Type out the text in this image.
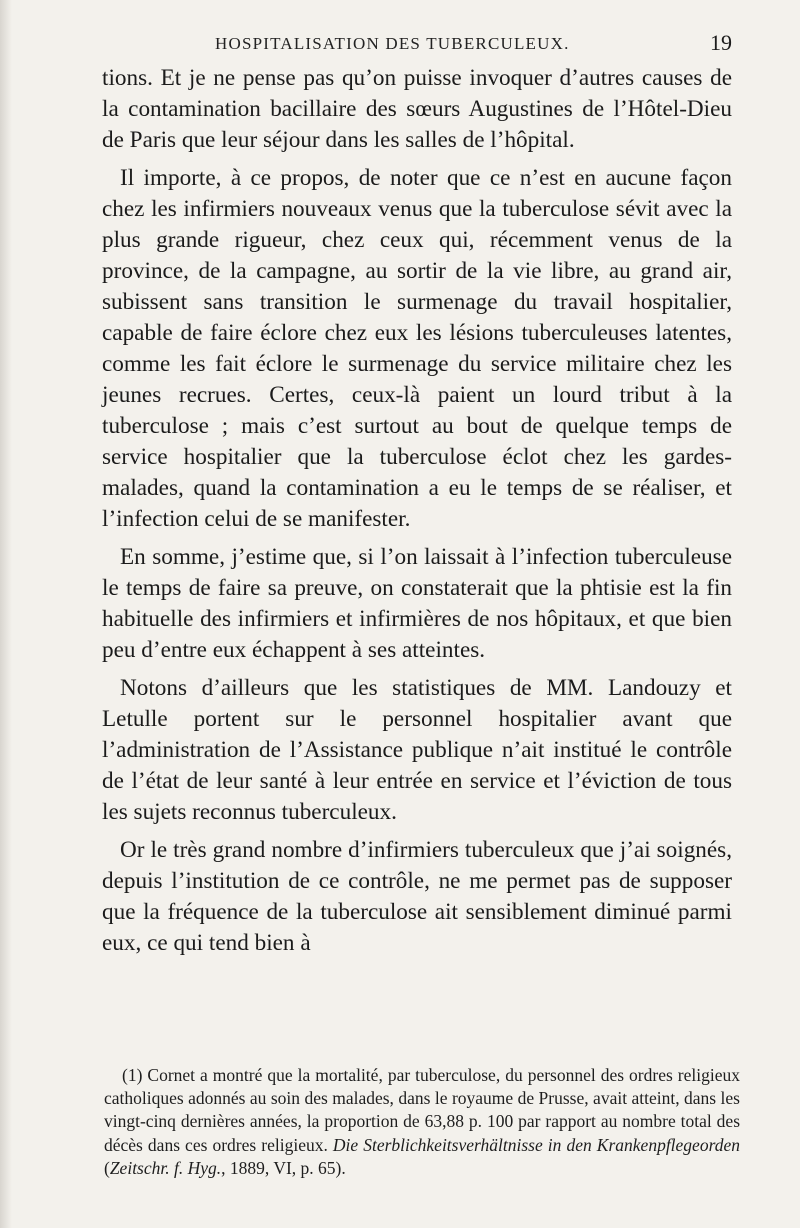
HOSPITALISATION DES TUBERCULEUX.	19

tions. Et je ne pense pas qu’on puisse invoquer d’autres causes de la contamination bacillaire des sœurs Augustines de l’Hôtel-Dieu de Paris que leur séjour dans les salles de l’hôpital.

Il importe, à ce propos, de noter que ce n’est en aucune façon chez les infirmiers nouveaux venus que la tuberculose sévit avec la plus grande rigueur, chez ceux qui, récemment venus de la province, de la campagne, au sortir de la vie libre, au grand air, subissent sans transition le surmenage du travail hospitalier, capable de faire éclore chez eux les lésions tuberculeuses latentes, comme les fait éclore le surmenage du service militaire chez les jeunes recrues. Certes, ceux-là paient un lourd tribut à la tuberculose ; mais c’est surtout au bout de quelque temps de service hospitalier que la tuberculose éclot chez les gardes-malades, quand la contamination a eu le temps de se réaliser, et l’infection celui de se manifester.

En somme, j’estime que, si l’on laissait à l’infection tuberculeuse le temps de faire sa preuve, on constaterait que la phtisie est la fin habituelle des infirmiers et infirmières de nos hôpitaux, et que bien peu d’entre eux échappent à ses atteintes.

Notons d’ailleurs que les statistiques de MM. Landouzy et Letulle portent sur le personnel hospitalier avant que l’administration de l’Assistance publique n’ait institué le contrôle de l’état de leur santé à leur entrée en service et l’éviction de tous les sujets reconnus tuberculeux.

Or le très grand nombre d’infirmiers tuberculeux que j’ai soignés, depuis l’institution de ce contrôle, ne me permet pas de supposer que la fréquence de la tuberculose ait sensiblement diminué parmi eux, ce qui tend bien à

(1) Cornet a montré que la mortalité, par tuberculose, du personnel des ordres religieux catholiques adonnés au soin des malades, dans le royaume de Prusse, avait atteint, dans les vingt-cinq dernières années, la proportion de 63,88 p. 100 par rapport au nombre total des décès dans ces ordres religieux. Die Sterblichkeitsverhältnisse in den Krankenpflegeorden (Zeitschr. f. Hyg., 1889, VI, p. 65).
